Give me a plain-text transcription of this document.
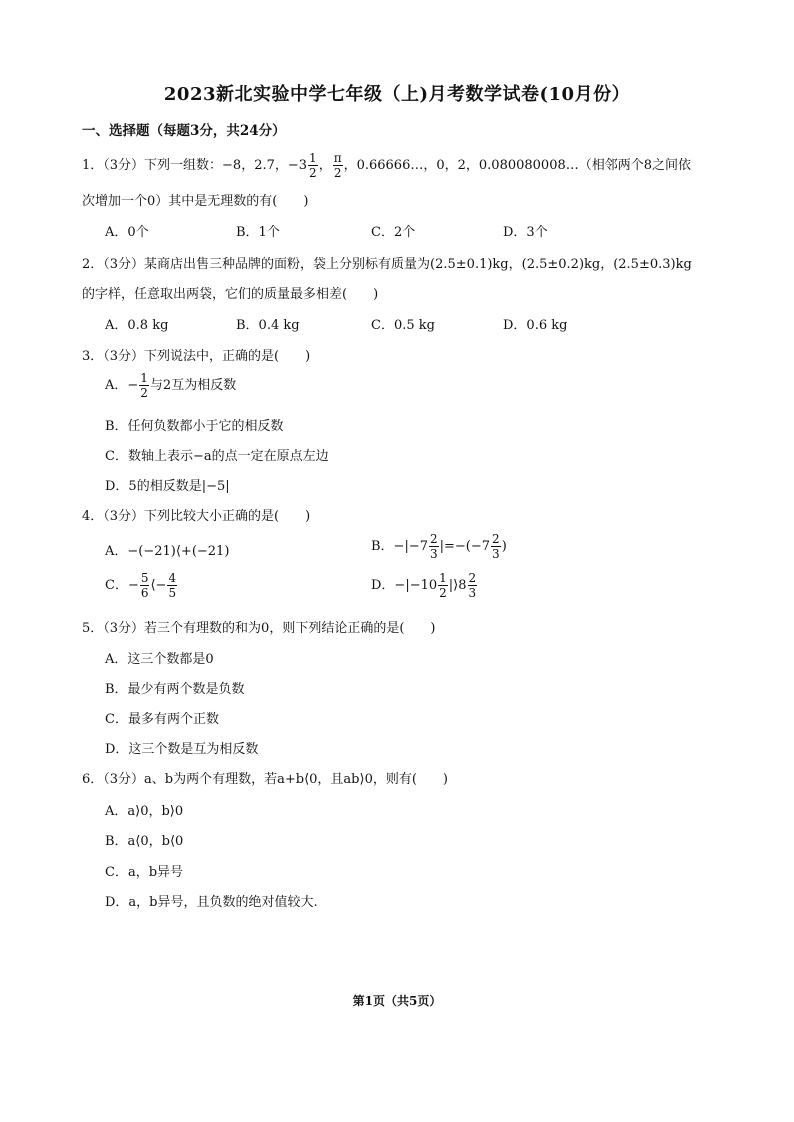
2023新北实验中学七年级（上)月考数学试卷(10月份）
一、选择题（每题3分，共24分）
1．（3分）下列一组数：−8，2.7，$-3 \frac{1}{2}$ ， $\frac{\pi}{2}$ ，0.66666…，0，2，0.080080008…（相邻两个8之间依
次增加一个0）其中是无理数的有(　　)
A．0个	B．1个	C．2个	D．3个
2．（3分）某商店出售三种品牌的面粉，袋上分别标有质量为(2.5±0.1)kg，(2.5±0.2)kg，(2.5±0.3)kg
的字样，任意取出两袋，它们的质量最多相差(　　)
A．0.8 kg	B．0.4 kg	C．0.5 kg	D．0.6 kg
3．（3分）下列说法中，正确的是(　　)
A．− $\frac{1}{2}$ 与2互为相反数
B．任何负数都小于它的相反数
C．数轴上表示−a的点一定在原点左边
D．5的相反数是|−5|
4．（3分）下列比较大小正确的是(　　)
A．−(−21)⟨+(−21)	B．$-|-7 \frac{2}{3} |=-(-7 \frac{2}{3}$ )
C．− $\frac{5}{6}$ ⟨− $\frac{4}{5}$	D．$-|-10 \frac{1}{2}$ |⟩8 $\frac{2}{3}$
5．（3分）若三个有理数的和为0，则下列结论正确的是(　　)
A．这三个数都是0
B．最少有两个数是负数
C．最多有两个正数
D．这三个数是互为相反数
6．（3分）a、b为两个有理数，若a+b⟨0，且ab⟩0，则有(　　)
A．a⟩0，b⟩0
B．a⟨0，b⟨0
C．a，b异号
D．a，b异号，且负数的绝对值较大.
第1页（共5页）
